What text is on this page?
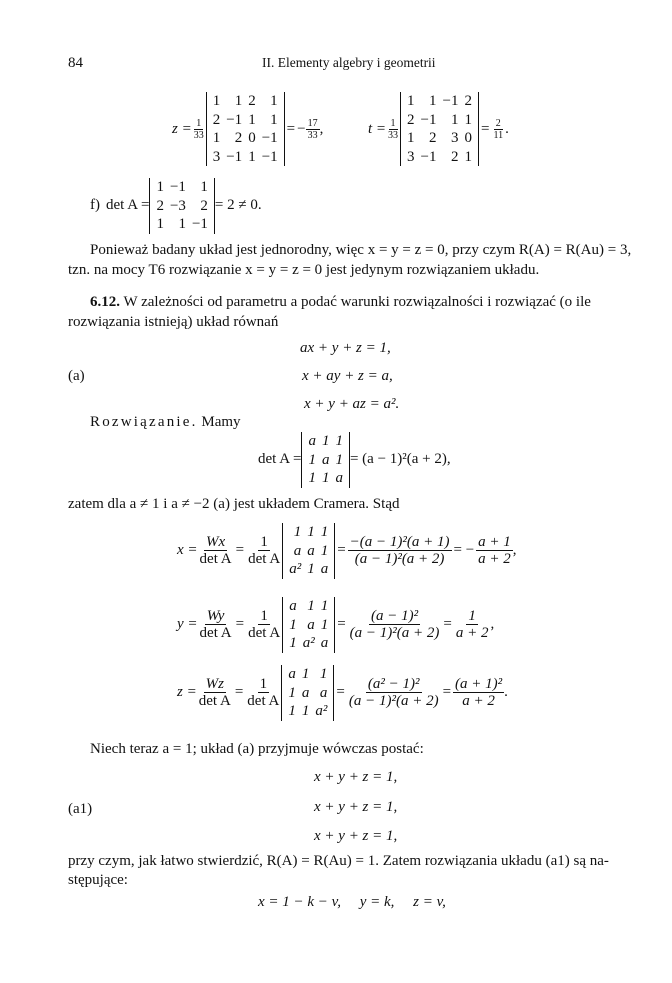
84	II. Elementy algebry i geometrii
$z = \frac{1}{33}$
1	1	2	1
2	−1	1	1
1	2	0	−1
3	−1	1	−1
= − $\frac{17}{33}$ ,	$t = \frac{1}{33}$
1	1	−1	2
2	−1	1	1
1	2	3	0
3	−1	2	1
= $\frac{2}{11}$ .
f) det A =
1	−1	1
2	−3	2
1	1	−1
= 2 ≠ 0.
Ponieważ badany układ jest jednorodny, więc x = y = z = 0, przy czym R(A) = R(Au) = 3,
tzn. na mocy T6 rozwiązanie x = y = z = 0 jest jedynym rozwiązaniem układu.
6.12. W zależności od parametru a podać warunki rozwiązalności i rozwiązać (o ile
rozwiązania istnieją) układ równań
(a)
ax + y + z = 1,
x + ay + z = a,
x + y + az = a².
Rozwiązanie. Mamy
det A =
a	1	1
1	a	1
1	1	a
= (a − 1)²(a + 2),
zatem dla a ≠ 1 i a ≠ −2 (a) jest układem Cramera. Stąd
$x = \frac{Wx}{\text{det A}} = \frac{1}{\text{det A}}$
1	1	1
a	a	1
a²	1	a
= $\frac{\text{−(a − 1)²(a + 1)}}{\text{(a − 1)²(a + 2)}}$ = − $\frac{a + 1}{a + 2}$ ,
$y = \frac{Wy}{\text{det A}} = \frac{1}{\text{det A}}$
a	1	1
1	a	1
1	a²	a
= $\frac{\text{(a − 1)²}}{\text{(a − 1)²(a + 2)}} = \frac{1}{a + 2}$ ,
$z = \frac{Wz}{\text{det A}} = \frac{1}{\text{det A}}$
a	1	1
1	a	a
1	1	a²
= $\frac{\text{(a² − 1)²}}{\text{(a − 1)²(a + 2)}} = \frac{\text{(a + 1)²}}{a + 2}$ .
Niech teraz a = 1; układ (a) przyjmuje wówczas postać:
(a1)
x + y + z = 1,
x + y + z = 1,
x + y + z = 1,
przy czym, jak łatwo stwierdzić, R(A) = R(Au) = 1. Zatem rozwiązania układu (a1) są na-
stępujące:
x = 1 − k − v,     y = k,     z = v,
